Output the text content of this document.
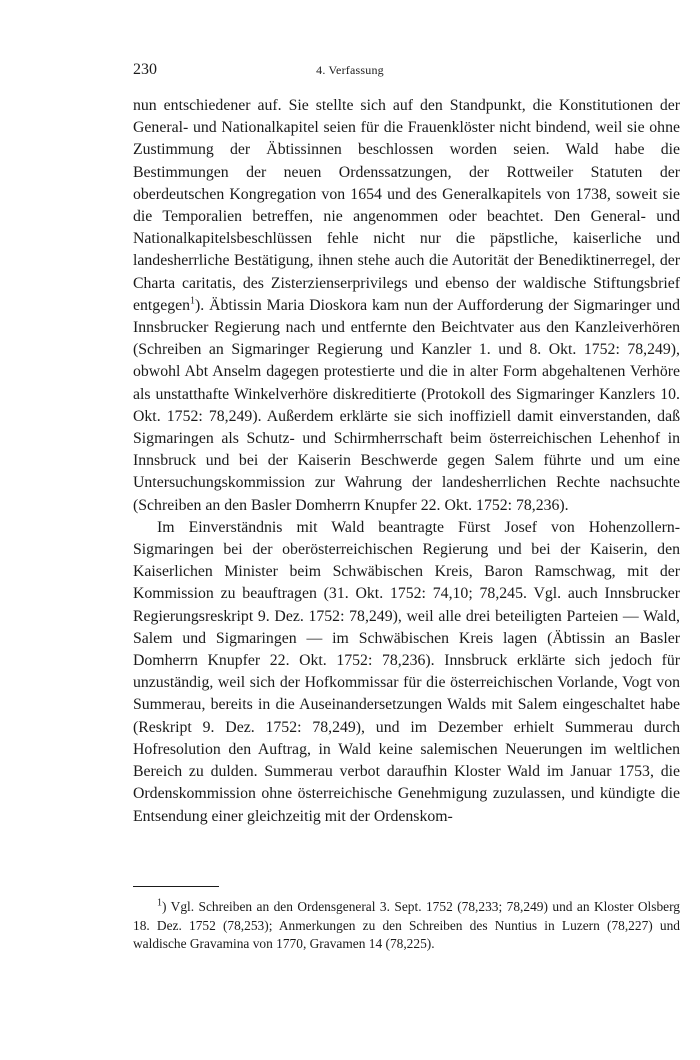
230	4. Verfassung

nun entschiedener auf. Sie stellte sich auf den Standpunkt, die Konstitutionen der General- und Nationalkapitel seien für die Frauenklöster nicht bindend, weil sie ohne Zustimmung der Äbtissinnen beschlossen worden seien. Wald habe die Bestimmungen der neuen Ordenssatzungen, der Rottweiler Statuten der oberdeutschen Kongregation von 1654 und des Generalkapitels von 1738, soweit sie die Temporalien betreffen, nie angenommen oder beachtet. Den General- und Nationalkapitelsbeschlüssen fehle nicht nur die päpstliche, kaiserliche und landesherrliche Bestätigung, ihnen stehe auch die Autorität der Benediktinerregel, der Charta caritatis, des Zisterzienserprivilegs und ebenso der waldische Stiftungsbrief entgegen$^1$). Äbtissin Maria Dioskora kam nun der Aufforderung der Sigmaringer und Innsbrucker Regierung nach und entfernte den Beichtvater aus den Kanzleiverhören (Schreiben an Sigmaringer Regierung und Kanzler 1. und 8. Okt. 1752: 78,249), obwohl Abt Anselm dagegen protestierte und die in alter Form abgehaltenen Verhöre als unstatthafte Winkelverhöre diskreditierte (Protokoll des Sigmaringer Kanzlers 10. Okt. 1752: 78,249). Außerdem erklärte sie sich inoffiziell damit einverstanden, daß Sigmaringen als Schutz- und Schirmherrschaft beim österreichischen Lehenhof in Innsbruck und bei der Kaiserin Beschwerde gegen Salem führte und um eine Untersuchungskommission zur Wahrung der landesherrlichen Rechte nachsuchte (Schreiben an den Basler Domherrn Knupfer 22. Okt. 1752: 78,236).

Im Einverständnis mit Wald beantragte Fürst Josef von Hohenzollern-Sigmaringen bei der oberösterreichischen Regierung und bei der Kaiserin, den Kaiserlichen Minister beim Schwäbischen Kreis, Baron Ramschwag, mit der Kommission zu beauftragen (31. Okt. 1752: 74,10; 78,245. Vgl. auch Innsbrucker Regierungsreskript 9. Dez. 1752: 78,249), weil alle drei beteiligten Parteien — Wald, Salem und Sigmaringen — im Schwäbischen Kreis lagen (Äbtissin an Basler Domherrn Knupfer 22. Okt. 1752: 78,236). Innsbruck erklärte sich jedoch für unzuständig, weil sich der Hofkommissar für die österreichischen Vorlande, Vogt von Summerau, bereits in die Auseinandersetzungen Walds mit Salem eingeschaltet habe (Reskript 9. Dez. 1752: 78,249), und im Dezember erhielt Summerau durch Hofresolution den Auftrag, in Wald keine salemischen Neuerungen im weltlichen Bereich zu dulden. Summerau verbot daraufhin Kloster Wald im Januar 1753, die Ordenskommission ohne österreichische Genehmigung zuzulassen, und kündigte die Entsendung einer gleichzeitig mit der Ordenskom-

$^1$) Vgl. Schreiben an den Ordensgeneral 3. Sept. 1752 (78,233; 78,249) und an Kloster Olsberg 18. Dez. 1752 (78,253); Anmerkungen zu den Schreiben des Nuntius in Luzern (78,227) und waldische Gravamina von 1770, Gravamen 14 (78,225).
